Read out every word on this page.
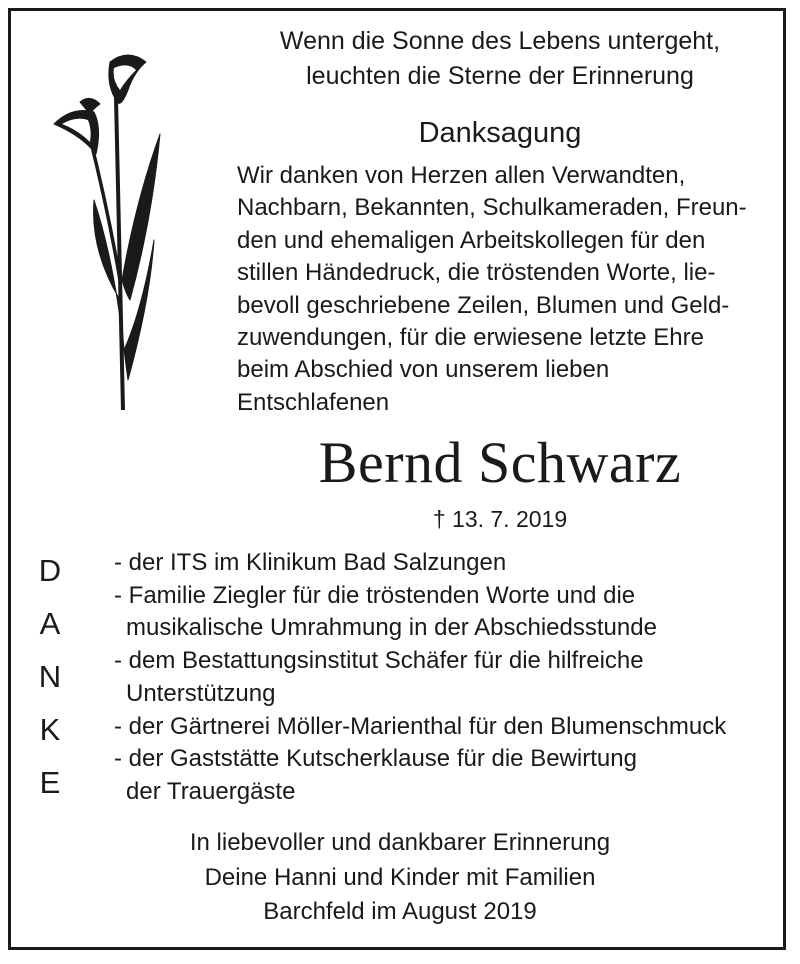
Wenn die Sonne des Lebens untergeht,
leuchten die Sterne der Erinnerung

Danksagung

Wir danken von Herzen allen Verwandten,
Nachbarn, Bekannten, Schulkameraden, Freun-
den und ehemaligen Arbeitskollegen für den
stillen Händedruck, die tröstenden Worte, lie-
bevoll geschriebene Zeilen, Blumen und Geld-
zuwendungen, für die erwiesene letzte Ehre
beim Abschied von unserem lieben
Entschlafenen

Bernd Schwarz

† 13. 7. 2019

D
A
N
K
E

- der ITS im Klinikum Bad Salzungen
- Familie Ziegler für die tröstenden Worte und die
musikalische Umrahmung in der Abschiedsstunde
- dem Bestattungsinstitut Schäfer für die hilfreiche
Unterstützung
- der Gärtnerei Möller-Marienthal für den Blumenschmuck
- der Gaststätte Kutscherklause für die Bewirtung
der Trauergäste

In liebevoller und dankbarer Erinnerung
Deine Hanni und Kinder mit Familien
Barchfeld im August 2019
